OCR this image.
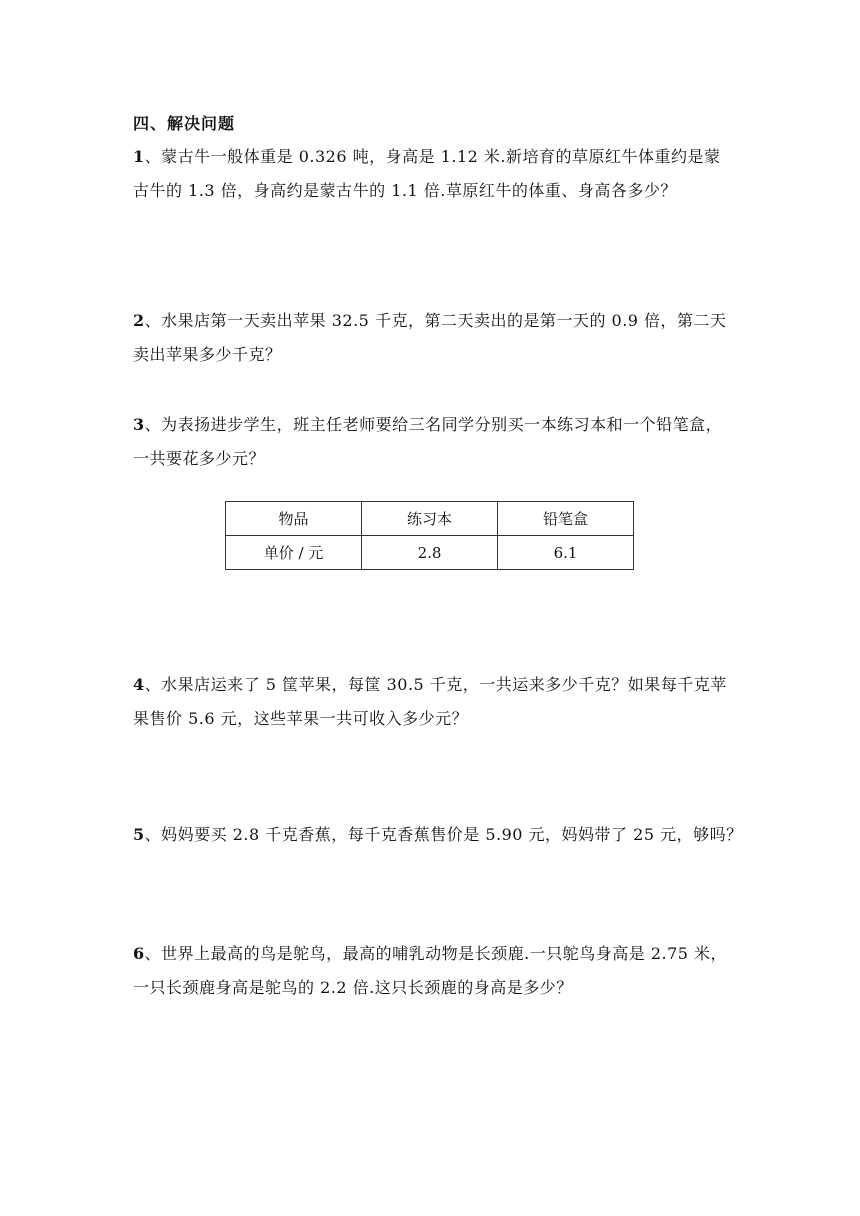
四、解决问题
1、蒙古牛一般体重是 0.326 吨，身高是 1.12 米.新培育的草原红牛体重约是蒙
古牛的 1.3 倍，身高约是蒙古牛的 1.1 倍.草原红牛的体重、身高各多少？
2、水果店第一天卖出苹果 32.5 千克，第二天卖出的是第一天的 0.9 倍，第二天
卖出苹果多少千克？
3、为表扬进步学生，班主任老师要给三名同学分别买一本练习本和一个铅笔盒，
一共要花多少元？
物品	练习本	铅笔盒
单价 / 元	2.8	6.1
4、水果店运来了 5 筐苹果，每筐 30.5 千克，一共运来多少千克？如果每千克苹
果售价 5.6 元，这些苹果一共可收入多少元？
5、妈妈要买 2.8 千克香蕉，每千克香蕉售价是 5.90 元，妈妈带了 25 元，够吗？
6、世界上最高的鸟是鸵鸟，最高的哺乳动物是长颈鹿.一只鸵鸟身高是 2.75 米，
一只长颈鹿身高是鸵鸟的 2.2 倍.这只长颈鹿的身高是多少？
